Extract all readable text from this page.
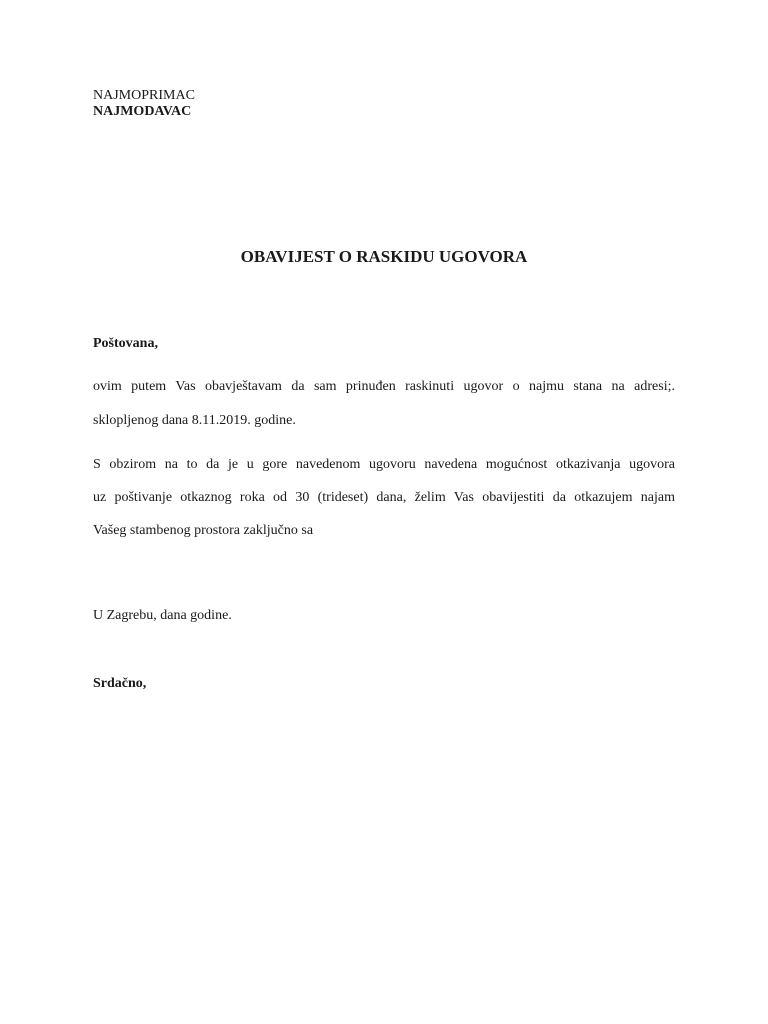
NAJMOPRIMAC
NAJMODAVAC
OBAVIJEST O RASKIDU UGOVORA
Poštovana,
ovim putem Vas obavještavam da sam prinuđen raskinuti ugovor o najmu stana na adresi;.
sklopljenog dana 8.11.2019. godine.
S obzirom na to da je u gore navedenom ugovoru navedena mogućnost otkazivanja ugovora
uz poštivanje otkaznog roka od 30 (trideset) dana, želim Vas obavijestiti da otkazujem najam
Vašeg stambenog prostora zaključno sa
U Zagrebu, dana godine.
Srdačno,
